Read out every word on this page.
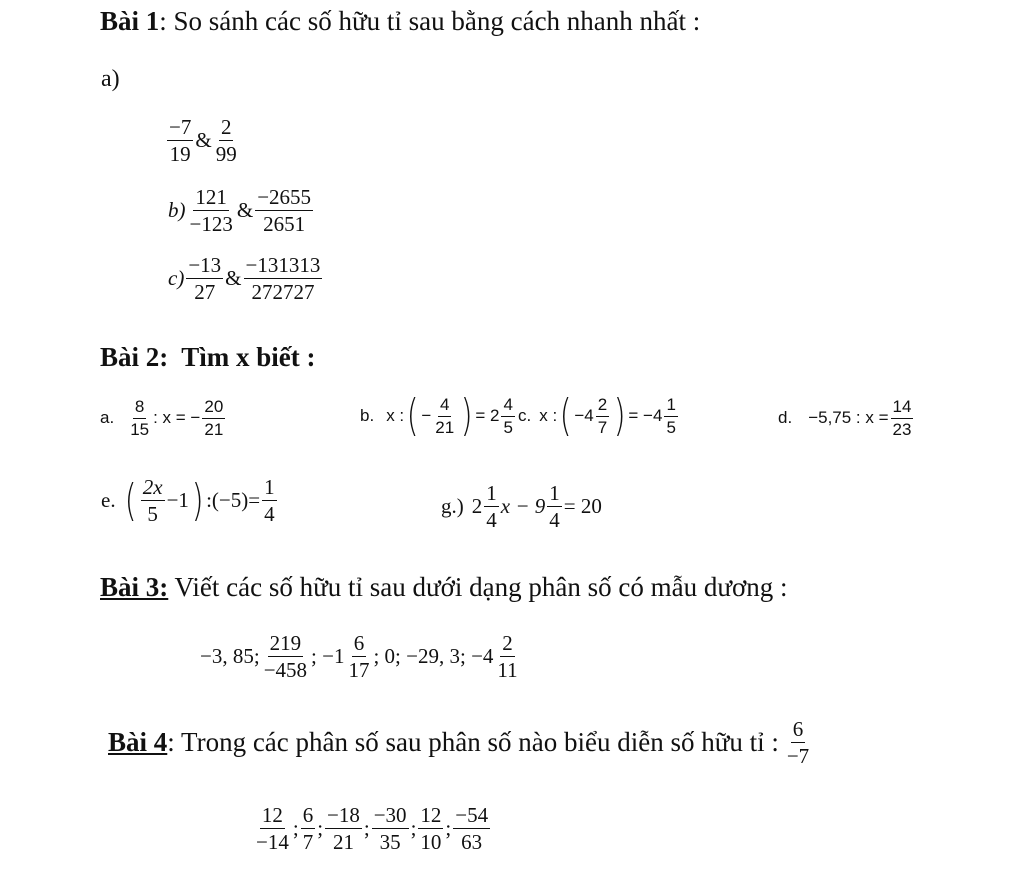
Bài 1: So sánh các số hữu tỉ sau bằng cách nhanh nhất :
a)
$\frac{-7}{19}$ & $\frac{2}{99}$
$b) \frac{121}{-123}$ & $\frac{-2655}{2651}$
$c) \frac{-13}{27}$ & $\frac{-131313}{272727}$
Bài 2: Tìm x biết :
a. $\frac{8}{15}$ : x = − $\frac{20}{21}$	b. x : ( − $\frac{4}{21}$ ) = $2 \frac{4}{5} c$. x : ( $-4 \frac{2}{7}$ ) = $-4 \frac{1}{5}$	d. −5,75 : $x = \frac{14}{23}$
e. ( $\frac{2x}{5} -1$ ) :(−5)= $\frac{1}{4}$	g.) $2 \frac{1}{4}$ $x - 9 \frac{1}{4} = 20$
Bài 3: Viết các số hữu tỉ sau dưới dạng phân số có mẫu dương :
−3, 85; $\frac{219}{-458}$ ; $-1 \frac{6}{17}$ ; 0; −29, 3; $-4 \frac{2}{11}$
Bài 4 : Trong các phân số sau phân số nào biểu diễn số hữu tỉ : $\frac{6}{-7}$
$\frac{12}{-14}$ ; $\frac{6}{7}$ ; $\frac{-18}{21}$ ; $\frac{-30}{35}$ ; $\frac{12}{10}$ ; $\frac{-54}{63}$
